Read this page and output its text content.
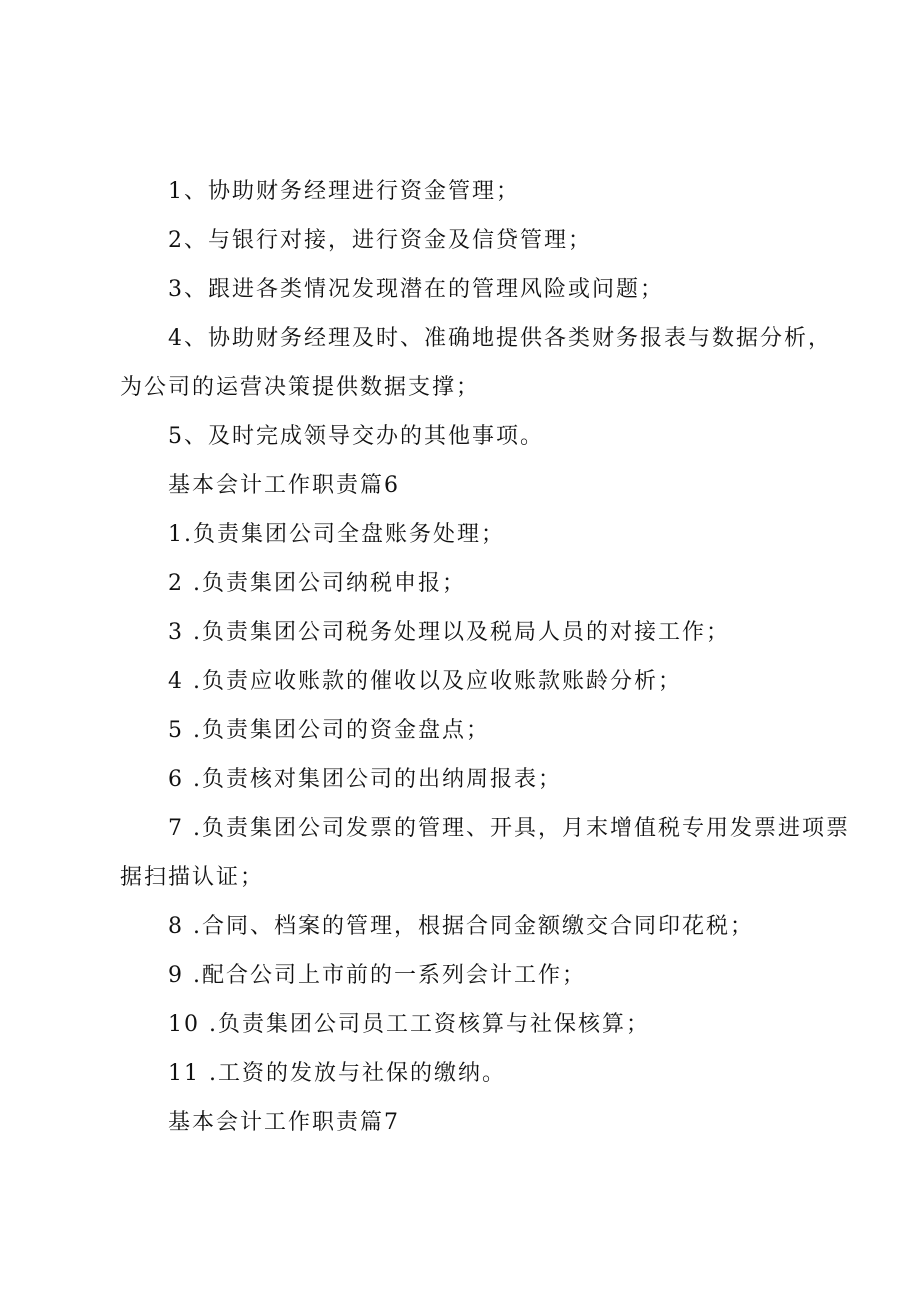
1、协助财务经理进行资金管理；
2、与银行对接，进行资金及信贷管理；
3、跟进各类情况发现潜在的管理风险或问题；
4、协助财务经理及时、准确地提供各类财务报表与数据分析，
为公司的运营决策提供数据支撑；
5、及时完成领导交办的其他事项。
基本会计工作职责篇6
1.负责集团公司全盘账务处理；
2 .负责集团公司纳税申报；
3 .负责集团公司税务处理以及税局人员的对接工作；
4 .负责应收账款的催收以及应收账款账龄分析；
5 .负责集团公司的资金盘点；
6 .负责核对集团公司的出纳周报表；
7 .负责集团公司发票的管理、开具，月末增值税专用发票进项票
据扫描认证；
8 .合同、档案的管理，根据合同金额缴交合同印花税；
9 .配合公司上市前的一系列会计工作；
10 .负责集团公司员工工资核算与社保核算；
11 .工资的发放与社保的缴纳。
基本会计工作职责篇7
